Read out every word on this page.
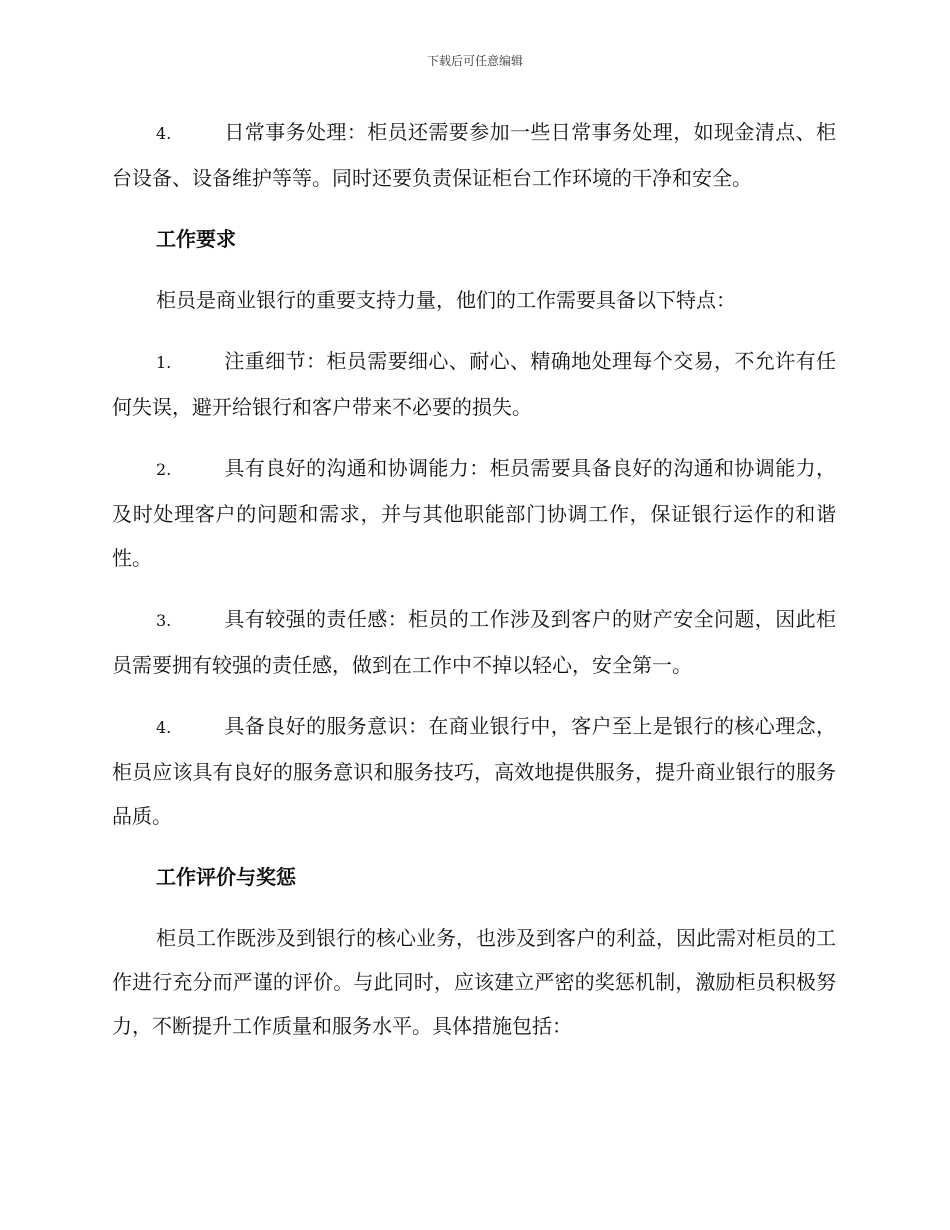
下载后可任意编辑

4.	日常事务处理：柜员还需要参加一些日常事务处理，如现金清点、柜台设备、设备维护等等。同时还要负责保证柜台工作环境的干净和安全。

工作要求

柜员是商业银行的重要支持力量，他们的工作需要具备以下特点：

1.	注重细节：柜员需要细心、耐心、精确地处理每个交易，不允许有任何失误，避开给银行和客户带来不必要的损失。

2.	具有良好的沟通和协调能力：柜员需要具备良好的沟通和协调能力，及时处理客户的问题和需求，并与其他职能部门协调工作，保证银行运作的和谐性。

3.	具有较强的责任感：柜员的工作涉及到客户的财产安全问题，因此柜员需要拥有较强的责任感，做到在工作中不掉以轻心，安全第一。

4.	具备良好的服务意识：在商业银行中，客户至上是银行的核心理念，柜员应该具有良好的服务意识和服务技巧，高效地提供服务，提升商业银行的服务品质。

工作评价与奖惩

柜员工作既涉及到银行的核心业务，也涉及到客户的利益，因此需对柜员的工作进行充分而严谨的评价。与此同时，应该建立严密的奖惩机制，激励柜员积极努力，不断提升工作质量和服务水平。具体措施包括：
